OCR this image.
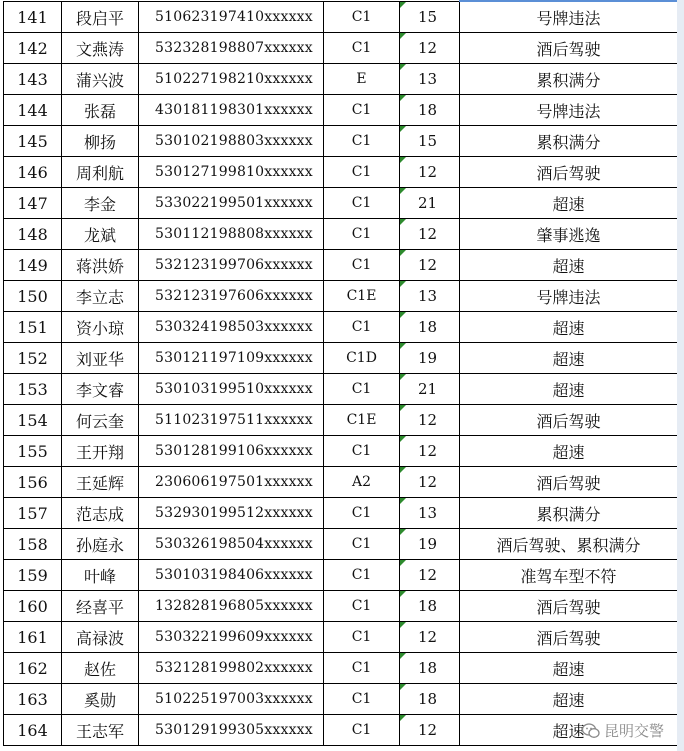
141	段启平	510623197410xxxxxx	C1	15	号牌违法
142	文燕涛	532328198807xxxxxx	C1	12	酒后驾驶
143	蒲兴波	510227198210xxxxxx	E	13	累积满分
144	张磊	430181198301xxxxxx	C1	18	号牌违法
145	柳扬	530102198803xxxxxx	C1	15	累积满分
146	周利航	530127199810xxxxxx	C1	12	酒后驾驶
147	李金	533022199501xxxxxx	C1	21	超速
148	龙斌	530112198808xxxxxx	C1	12	肇事逃逸
149	蒋洪娇	532123199706xxxxxx	C1	12	超速
150	李立志	532123197606xxxxxx	C1E	13	号牌违法
151	资小琼	530324198503xxxxxx	C1	18	超速
152	刘亚华	530121197109xxxxxx	C1D	19	超速
153	李文睿	530103199510xxxxxx	C1	21	超速
154	何云奎	511023197511xxxxxx	C1E	12	酒后驾驶
155	王开翔	530128199106xxxxxx	C1	12	超速
156	王延辉	230606197501xxxxxx	A2	12	酒后驾驶
157	范志成	532930199512xxxxxx	C1	13	累积满分
158	孙庭永	530326198504xxxxxx	C1	19	酒后驾驶、累积满分
159	叶峰	530103198406xxxxxx	C1	12	准驾车型不符
160	经喜平	132828196805xxxxxx	C1	18	酒后驾驶
161	高禄波	530322199609xxxxxx	C1	12	酒后驾驶
162	赵佐	532128199802xxxxxx	C1	18	超速
163	奚勋	510225197003xxxxxx	C1	18	超速
164	王志军	530129199305xxxxxx	C1	12	超速 昆明交警
